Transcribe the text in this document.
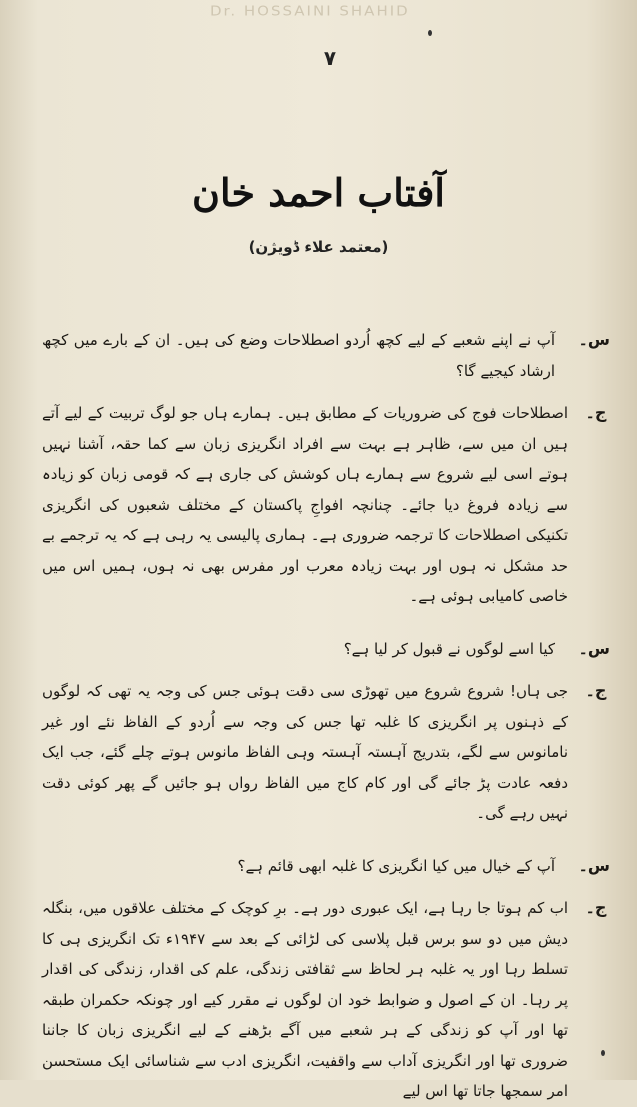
Dr. HOSSAINI SHAHID
۷
آفتاب احمد خان
(معتمد علاء ڈویژن)
س۔
آپ نے اپنے شعبے کے لیے کچھ اُردو اصطلاحات وضع کی ہیں۔ ان کے بارے میں کچھ ارشاد کیجیے گا؟
ج۔
اصطلاحات فوج کی ضروریات کے مطابق ہیں۔ ہمارے ہاں جو لوگ تربیت کے لیے آتے ہیں ان میں سے، ظاہر ہے بہت سے افراد انگریزی زبان سے کما حقہ، آشنا نہیں ہوتے اسی لیے شروع سے ہمارے ہاں کوشش کی جاری ہے کہ قومی زبان کو زیادہ سے زیادہ فروغ دیا جائے۔ چنانچہ افواجِ پاکستان کے مختلف شعبوں کی انگریزی تکنیکی اصطلاحات کا ترجمہ ضروری ہے۔ ہماری پالیسی یہ رہی ہے کہ یہ ترجمے بے حد مشکل نہ ہوں اور بہت زیادہ معرب اور مفرس بھی نہ ہوں، ہمیں اس میں خاصی کامیابی ہوئی ہے۔
س۔
کیا اسے لوگوں نے قبول کر لیا ہے؟
ج۔
جی ہاں! شروع شروع میں تھوڑی سی دقت ہوئی جس کی وجہ یہ تھی کہ لوگوں کے ذہنوں پر انگریزی کا غلبہ تھا جس کی وجہ سے اُردو کے الفاظ نئے اور غیر نامانوس سے لگے، بتدریج آہستہ آہستہ وہی الفاظ مانوس ہوتے چلے گئے، جب ایک دفعہ عادت پڑ جائے گی اور کام کاج میں الفاظ رواں ہو جائیں گے پھر کوئی دقت نہیں رہے گی۔
س۔
آپ کے خیال میں کیا انگریزی کا غلبہ ابھی قائم ہے؟
ج۔
اب کم ہوتا جا رہا ہے، ایک عبوری دور ہے۔ برِ کوچک کے مختلف علاقوں میں، بنگلہ دیش میں دو سو برس قبل پلاسی کی لڑائی کے بعد سے ۱۹۴۷ء تک انگریزی ہی کا تسلط رہا اور یہ غلبہ ہر لحاظ سے ثقافتی زندگی، علم کی اقدار، زندگی کی اقدار پر رہا۔ ان کے اصول و ضوابط خود ان لوگوں نے مقرر کیے اور چونکہ حکمران طبقہ تھا اور آپ کو زندگی کے ہر شعبے میں آگے بڑھنے کے لیے انگریزی زبان کا جاننا ضروری تھا اور انگریزی آداب سے واقفیت، انگریزی ادب سے شناسائی ایک مستحسن امر سمجھا جاتا تھا اس لیے
